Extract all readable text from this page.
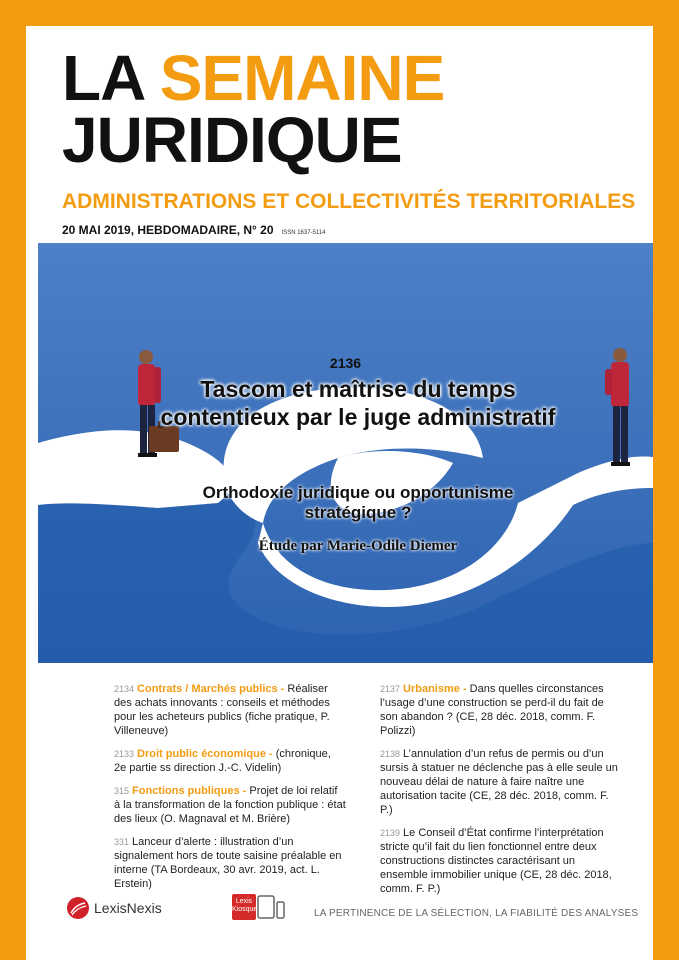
LA SEMAINE
JURIDIQUE
ADMINISTRATIONS ET COLLECTIVITÉS TERRITORIALES
20 MAI 2019, HEBDOMADAIRE, N° 20 ISSN 1637-5114
2136
Tascom et maîtrise du temps contentieux par le juge administratif
Orthodoxie juridique ou opportunisme stratégique ?
Étude par Marie-Odile Diemer
2134 Contrats / Marchés publics - Réaliser des achats innovants : conseils et méthodes pour les acheteurs publics (fiche pratique, P. Villeneuve)
2133 Droit public économique - (chronique, 2e partie ss direction J.-C. Videlin)
315 Fonctions publiques - Projet de loi relatif à la transformation de la fonction publique : état des lieux (O. Magnaval et M. Brière)
331 Lanceur d’alerte : illustration d’un signalement hors de toute saisine préalable en interne (TA Bordeaux, 30 avr. 2019, act. L. Erstein)
2137 Urbanisme - Dans quelles circonstances l’usage d’une construction se perd-il du fait de son abandon ? (CE, 28 déc. 2018, comm. F. Polizzi)
2138 L’annulation d’un refus de permis ou d’un sursis à statuer ne déclenche pas à elle seule un nouveau délai de nature à faire naître une autorisation tacite (CE, 28 déc. 2018, comm. F. P.)
2139 Le Conseil d’État confirme l’interprétation stricte qu’il fait du lien fonctionnel entre deux constructions distinctes caractérisant un ensemble immobilier unique (CE, 28 déc. 2018, comm. F. P.)
LexisNexis	Lexis Kiosque	LA PERTINENCE DE LA SÉLECTION, LA FIABILITÉ DES ANALYSES
